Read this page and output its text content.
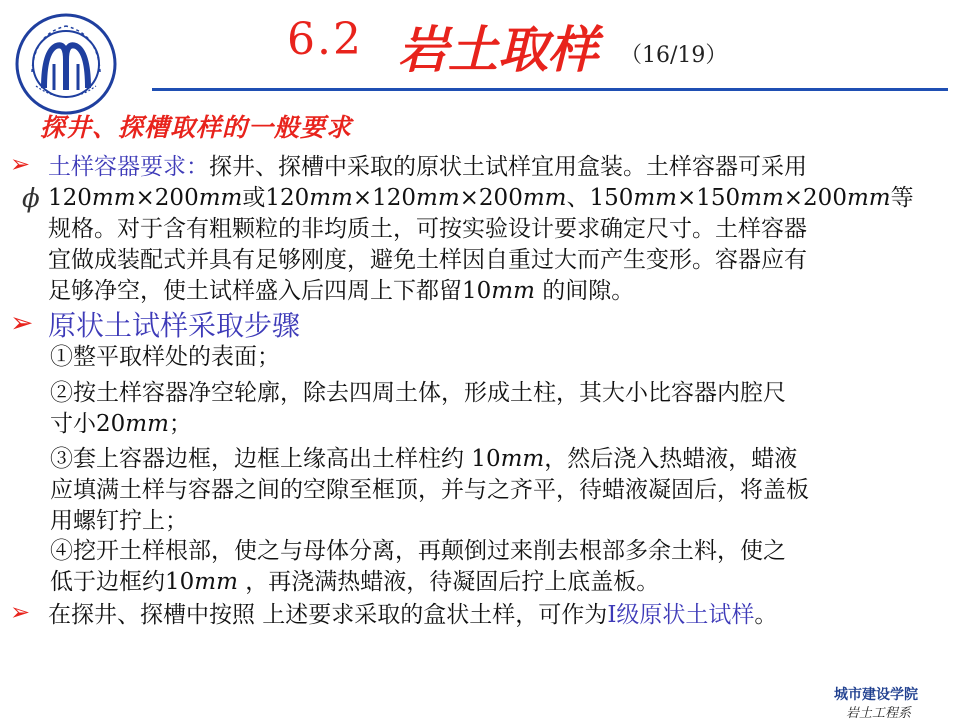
6.2 岩土取样 （16/19）
探井、探槽取样的一般要求
➢ 土样容器要求：探井、探槽中采取的原状土试样宜用盒装。土样容器可采用
120mm×200mm或120mm×120mm×200mm、150mm×150mm×200mm等
规格。对于含有粗颗粒的非均质土，可按实验设计要求确定尺寸。土样容器
宜做成装配式并具有足够刚度，避免土样因自重过大而产生变形。容器应有
足够净空，使土试样盛入后四周上下都留10mm 的间隙。
ϕ
➢ 原状土试样采取步骤
①整平取样处的表面；
②按土样容器净空轮廓，除去四周土体，形成土柱，其大小比容器内腔尺
寸小20mm；
③套上容器边框，边框上缘高出土样柱约 10mm，然后浇入热蜡液，蜡液
应填满土样与容器之间的空隙至框顶，并与之齐平，待蜡液凝固后，将盖板
用螺钉拧上；
④挖开土样根部，使之与母体分离，再颠倒过来削去根部多余土料，使之
低于边框约10mm ，再浇满热蜡液，待凝固后拧上底盖板。
➢ 在探井、探槽中按照 上述要求采取的盒状土样，可作为Ⅰ级原状土试样。
城市建设学院
岩土工程系
